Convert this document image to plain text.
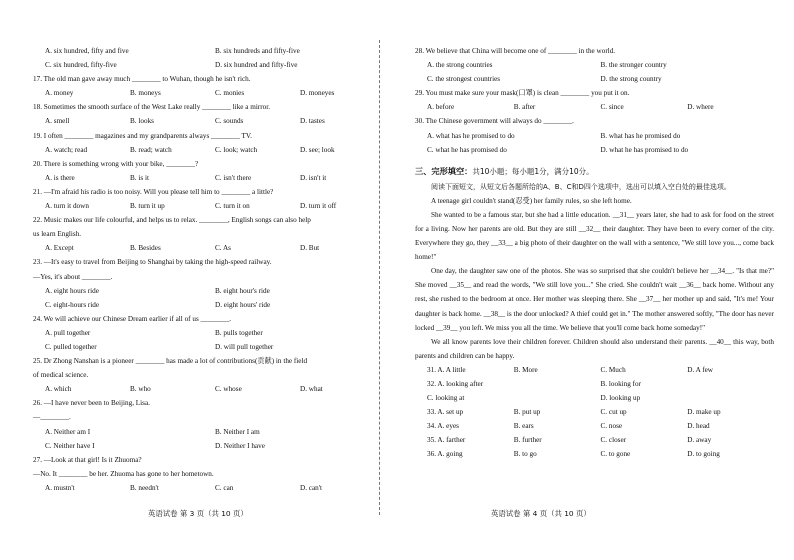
A. six hundred, fifty and five	B. six hundreds and fifty-five
C. six hundred, fifty-five	D. six hundred and fifty-five
17. The old man gave away much ________ to Wuhan, though he isn't rich.
A. money	B. moneys	C. monies	D. moneyes
18. Sometimes the smooth surface of the West Lake really ________ like a mirror.
A. smell	B. looks	C. sounds	D. tastes
19. I often ________ magazines and my grandparents always ________ TV.
A. watch; read	B. read; watch	C. look; watch	D. see; look
20. There is something wrong with your bike, ________?
A. is there	B. is it	C. isn't there	D. isn't it
21. —I'm afraid his radio is too noisy. Will you please tell him to ________ a little?
A. turn it down	B. turn it up	C. turn it on	D. turn it off
22. Music makes our life colourful, and helps us to relax. ________, English songs can also help
us learn English.
A. Except	B. Besides	C. As	D. But
23. —It's easy to travel from Beijing to Shanghai by taking the high-speed railway.
—Yes, it's about ________.
A. eight hours ride	B. eight hour's ride
C. eight-hours ride	D. eight hours' ride
24. We will achieve our Chinese Dream earlier if all of us ________.
A. pull together	B. pulls together
C. pulled together	D. will pull together
25. Dr Zhong Nanshan is a pioneer ________ has made a lot of contributions(贡献) in the field
of medical science.
A. which	B. who	C. whose	D. what
26. —I have never been to Beijing, Lisa.
—________.
A. Neither am I	B. Neither I am
C. Neither have I	D. Neither I have
27. —Look at that girl! Is it Zhuoma?
—No. It ________ be her. Zhuoma has gone to her hometown.
A. mustn't	B. needn't	C. can	D. can't
英语试卷 第 3 页（共 10 页）
28. We believe that China will become one of ________ in the world.
A. the strong countries	B. the stronger country
C. the strongest countries	D. the strong country
29. You must make sure your mask(口罩) is clean ________ you put it on.
A. before	B. after	C. since	D. where
30. The Chinese government will always do ________.
A. what has he promised to do	B. what has he promised do
C. what he has promised do	D. what he has promised to do
三、完形填空：共10小题；每小题1分，满分10分。
阅读下面短文，从短文后各题所给的A、B、C和D四个选项中，选出可以填入空白处的最佳选项。
A teenage girl couldn't stand(忍受) her family rules, so she left home.
She wanted to be a famous star, but she had a little education. __31__ years later, she had to ask for food on the street for a living. Now her parents are old. But they are still __32__ their daughter. They have been to every corner of the city. Everywhere they go, they __33__ a big photo of their daughter on the wall with a sentence, "We still love you..., come back home!"
One day, the daughter saw one of the photos. She was so surprised that she couldn't believe her __34__. "Is that me?" She moved __35__ and read the words, "We still love you..." She cried. She couldn't wait __36__ back home. Without any rest, she rushed to the bedroom at once. Her mother was sleeping there. She __37__ her mother up and said, "It's me! Your daughter is back home. __38__ is the door unlocked? A thief could get in." The mother answered softly, "The door has never locked __39__ you left. We miss you all the time. We believe that you'll come back home someday!"
We all know parents love their children forever. Children should also understand their parents. __40__ this way, both parents and children can be happy.
31. A. A little	B. More	C. Much	D. A few
32. A. looking after	B. looking for
C. looking at	D. looking up
33. A. set up	B. put up	C. cut up	D. make up
34. A. eyes	B. ears	C. nose	D. head
35. A. farther	B. further	C. closer	D. away
36. A. going	B. to go	C. to gone	D. to going
英语试卷 第 4 页（共 10 页）
